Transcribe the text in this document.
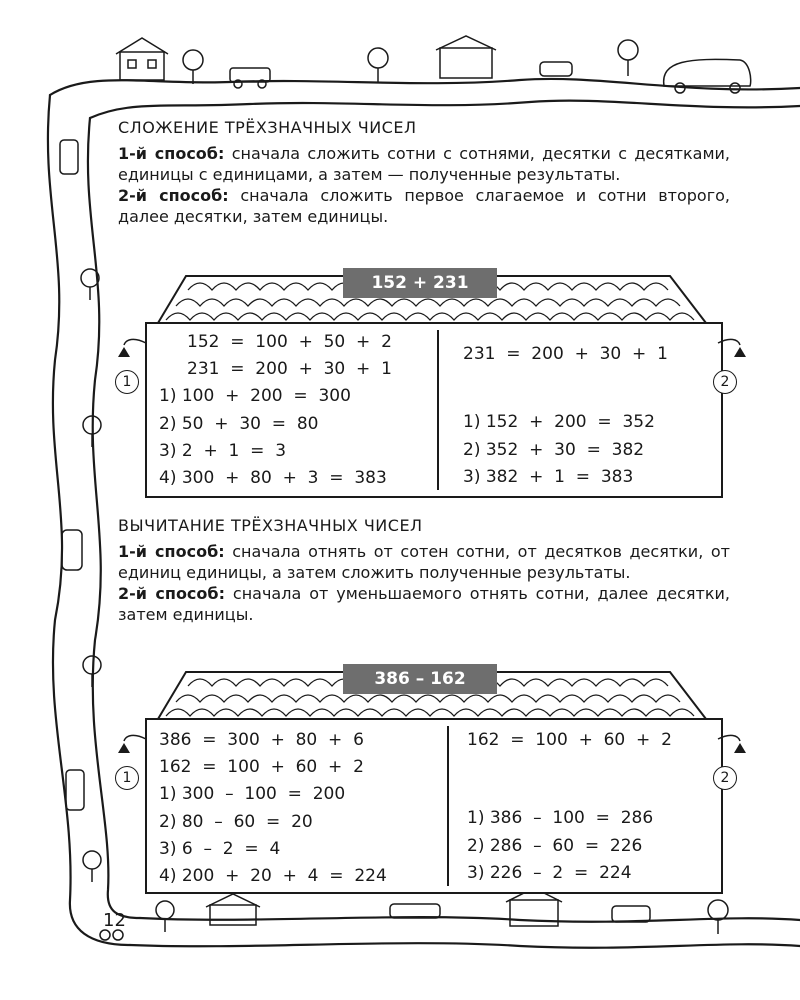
12
СЛОЖЕНИЕ ТРЁХЗНАЧНЫХ ЧИСЕЛ

1-й способ: сначала сложить сотни с сотнями, десятки с десятками, единицы с единицами, а затем — полученные результаты.

2-й способ: сначала сложить первое слагаемое и сотни второго, далее десятки, затем единицы.

152 + 231
152  =  100  +  50  +  2
231  =  200  +  30  +  1
1) 100  +  200  =  300
2) 50  +  30  =  80
3) 2  +  1  =  3
4) 300  +  80  +  3  =  383
231  =  200  +  30  +  1
1) 152  +  200  =  352
2) 352  +  30  =  382
3) 382  +  1  =  383
1	2
ВЫЧИТАНИЕ ТРЁХЗНАЧНЫХ ЧИСЕЛ

1-й способ: сначала отнять от сотен сотни, от десятков десятки, от единиц единицы, а затем сложить полученные результаты.

2-й способ: сначала от уменьшаемого отнять сотни, далее десятки, затем единицы.

386 – 162
386  =  300  +  80  +  6
162  =  100  +  60  +  2
1) 300  –  100  =  200
2) 80  –  60  =  20
3) 6  –  2  =  4
4) 200  +  20  +  4  =  224
162  =  100  +  60  +  2
1) 386  –  100  =  286
2) 286  –  60  =  226
3) 226  –  2  =  224
1	2
